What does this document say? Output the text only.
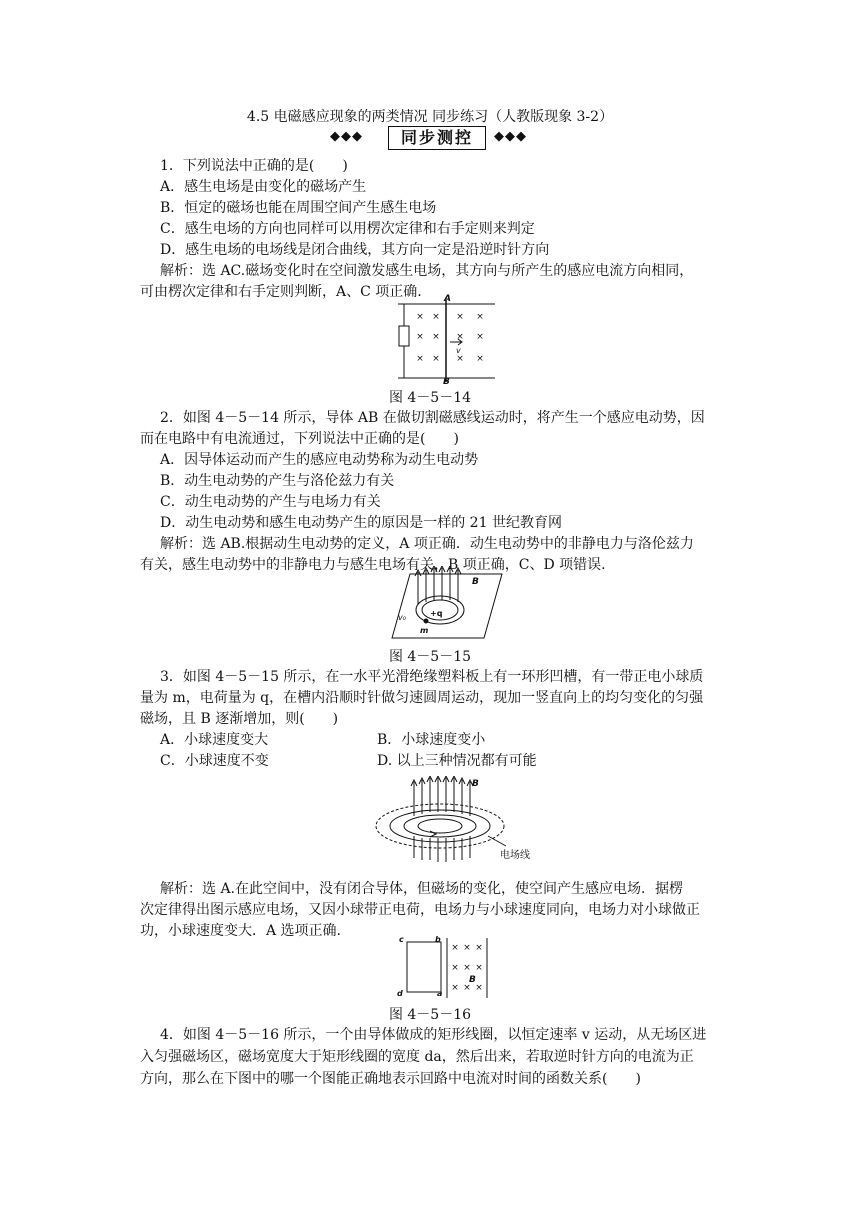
4.5 电磁感应现象的两类情况 同步练习（人教版现象 3-2）
◆◆◆	同步测控	◆◆◆
1．下列说法中正确的是(　　)
A．感生电场是由变化的磁场产生
B．恒定的磁场也能在周围空间产生感生电场
C．感生电场的方向也同样可以用楞次定律和右手定则来判定
D．感生电场的电场线是闭合曲线，其方向一定是沿逆时针方向
解析：选 AC.磁场变化时在空间激发感生电场，其方向与所产生的感应电流方向相同，
可由楞次定律和右手定则判断，A、C 项正确.
× × × ×
× × × ×
× × × ×
A
B
v
图 4－5－14
2．如图 4－5－14 所示，导体 AB 在做切割磁感线运动时，将产生一个感应电动势，因
而在电路中有电流通过，下列说法中正确的是(　　)
A．因导体运动而产生的感应电动势称为动生电动势
B．动生电动势的产生与洛伦兹力有关
C．动生电动势的产生与电场力有关
D．动生电动势和感生电动势产生的原因是一样的 21 世纪教育网
解析：选 AB.根据动生电动势的定义，A 项正确．动生电动势中的非静电力与洛伦兹力
有关，感生电动势中的非静电力与感生电场有关，B 项正确，C、D 项错误.
B
+q
v₀
m
图 4－5－15
3．如图 4－5－15 所示，在一水平光滑绝缘塑料板上有一环形凹槽，有一带正电小球质
量为 m，电荷量为 q，在槽内沿顺时针做匀速圆周运动，现加一竖直向上的均匀变化的匀强
磁场，且 B 逐渐增加，则(　　)
A．小球速度变大	B．小球速度变小
C．小球速度不变	D. 以上三种情况都有可能
B
电场线
解析：选 A.在此空间中，没有闭合导体，但磁场的变化，使空间产生感应电场．据楞
次定律得出图示感应电场，又因小球带正电荷，电场力与小球速度同向，电场力对小球做正
功，小球速度变大．A 选项正确.
× × ×
× × ×
× × ×
c	b
d	a
B
图 4－5－16
4．如图 4－5－16 所示，一个由导体做成的矩形线圈，以恒定速率 v 运动，从无场区进
入匀强磁场区，磁场宽度大于矩形线圈的宽度 da，然后出来，若取逆时针方向的电流为正
方向，那么在下图中的哪一个图能正确地表示回路中电流对时间的函数关系(　　)
